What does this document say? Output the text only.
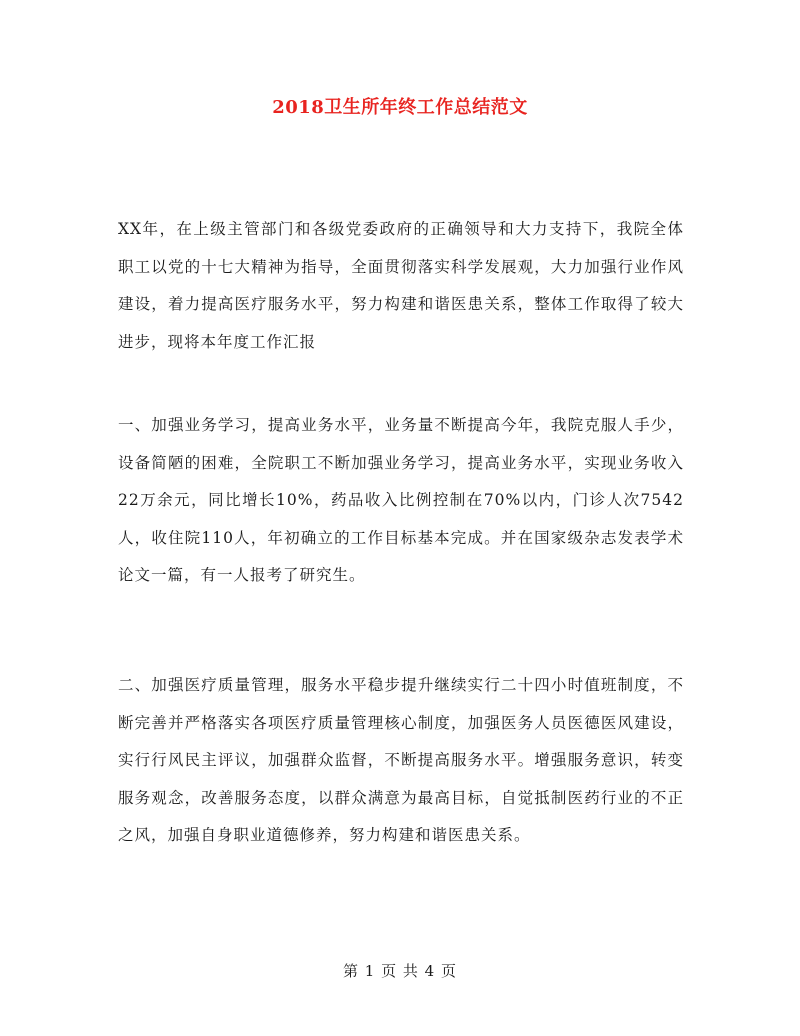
2018卫生所年终工作总结范文

XX年，在上级主管部门和各级党委政府的正确领导和大力支持下，我院全体职工以党的十七大精神为指导，全面贯彻落实科学发展观，大力加强行业作风建设，着力提高医疗服务水平，努力构建和谐医患关系，整体工作取得了较大进步，现将本年度工作汇报

一、加强业务学习，提高业务水平，业务量不断提高今年，我院克服人手少，设备简陋的困难，全院职工不断加强业务学习，提高业务水平，实现业务收入22万余元，同比增长10%，药品收入比例控制在70%以内，门诊人次7542人，收住院110人，年初确立的工作目标基本完成。并在国家级杂志发表学术论文一篇，有一人报考了研究生。

二、加强医疗质量管理，服务水平稳步提升继续实行二十四小时值班制度，不断完善并严格落实各项医疗质量管理核心制度，加强医务人员医德医风建设，实行行风民主评议，加强群众监督，不断提高服务水平。增强服务意识，转变服务观念，改善服务态度，以群众满意为最高目标，自觉抵制医药行业的不正之风，加强自身职业道德修养，努力构建和谐医患关系。

第 1 页 共 4 页
